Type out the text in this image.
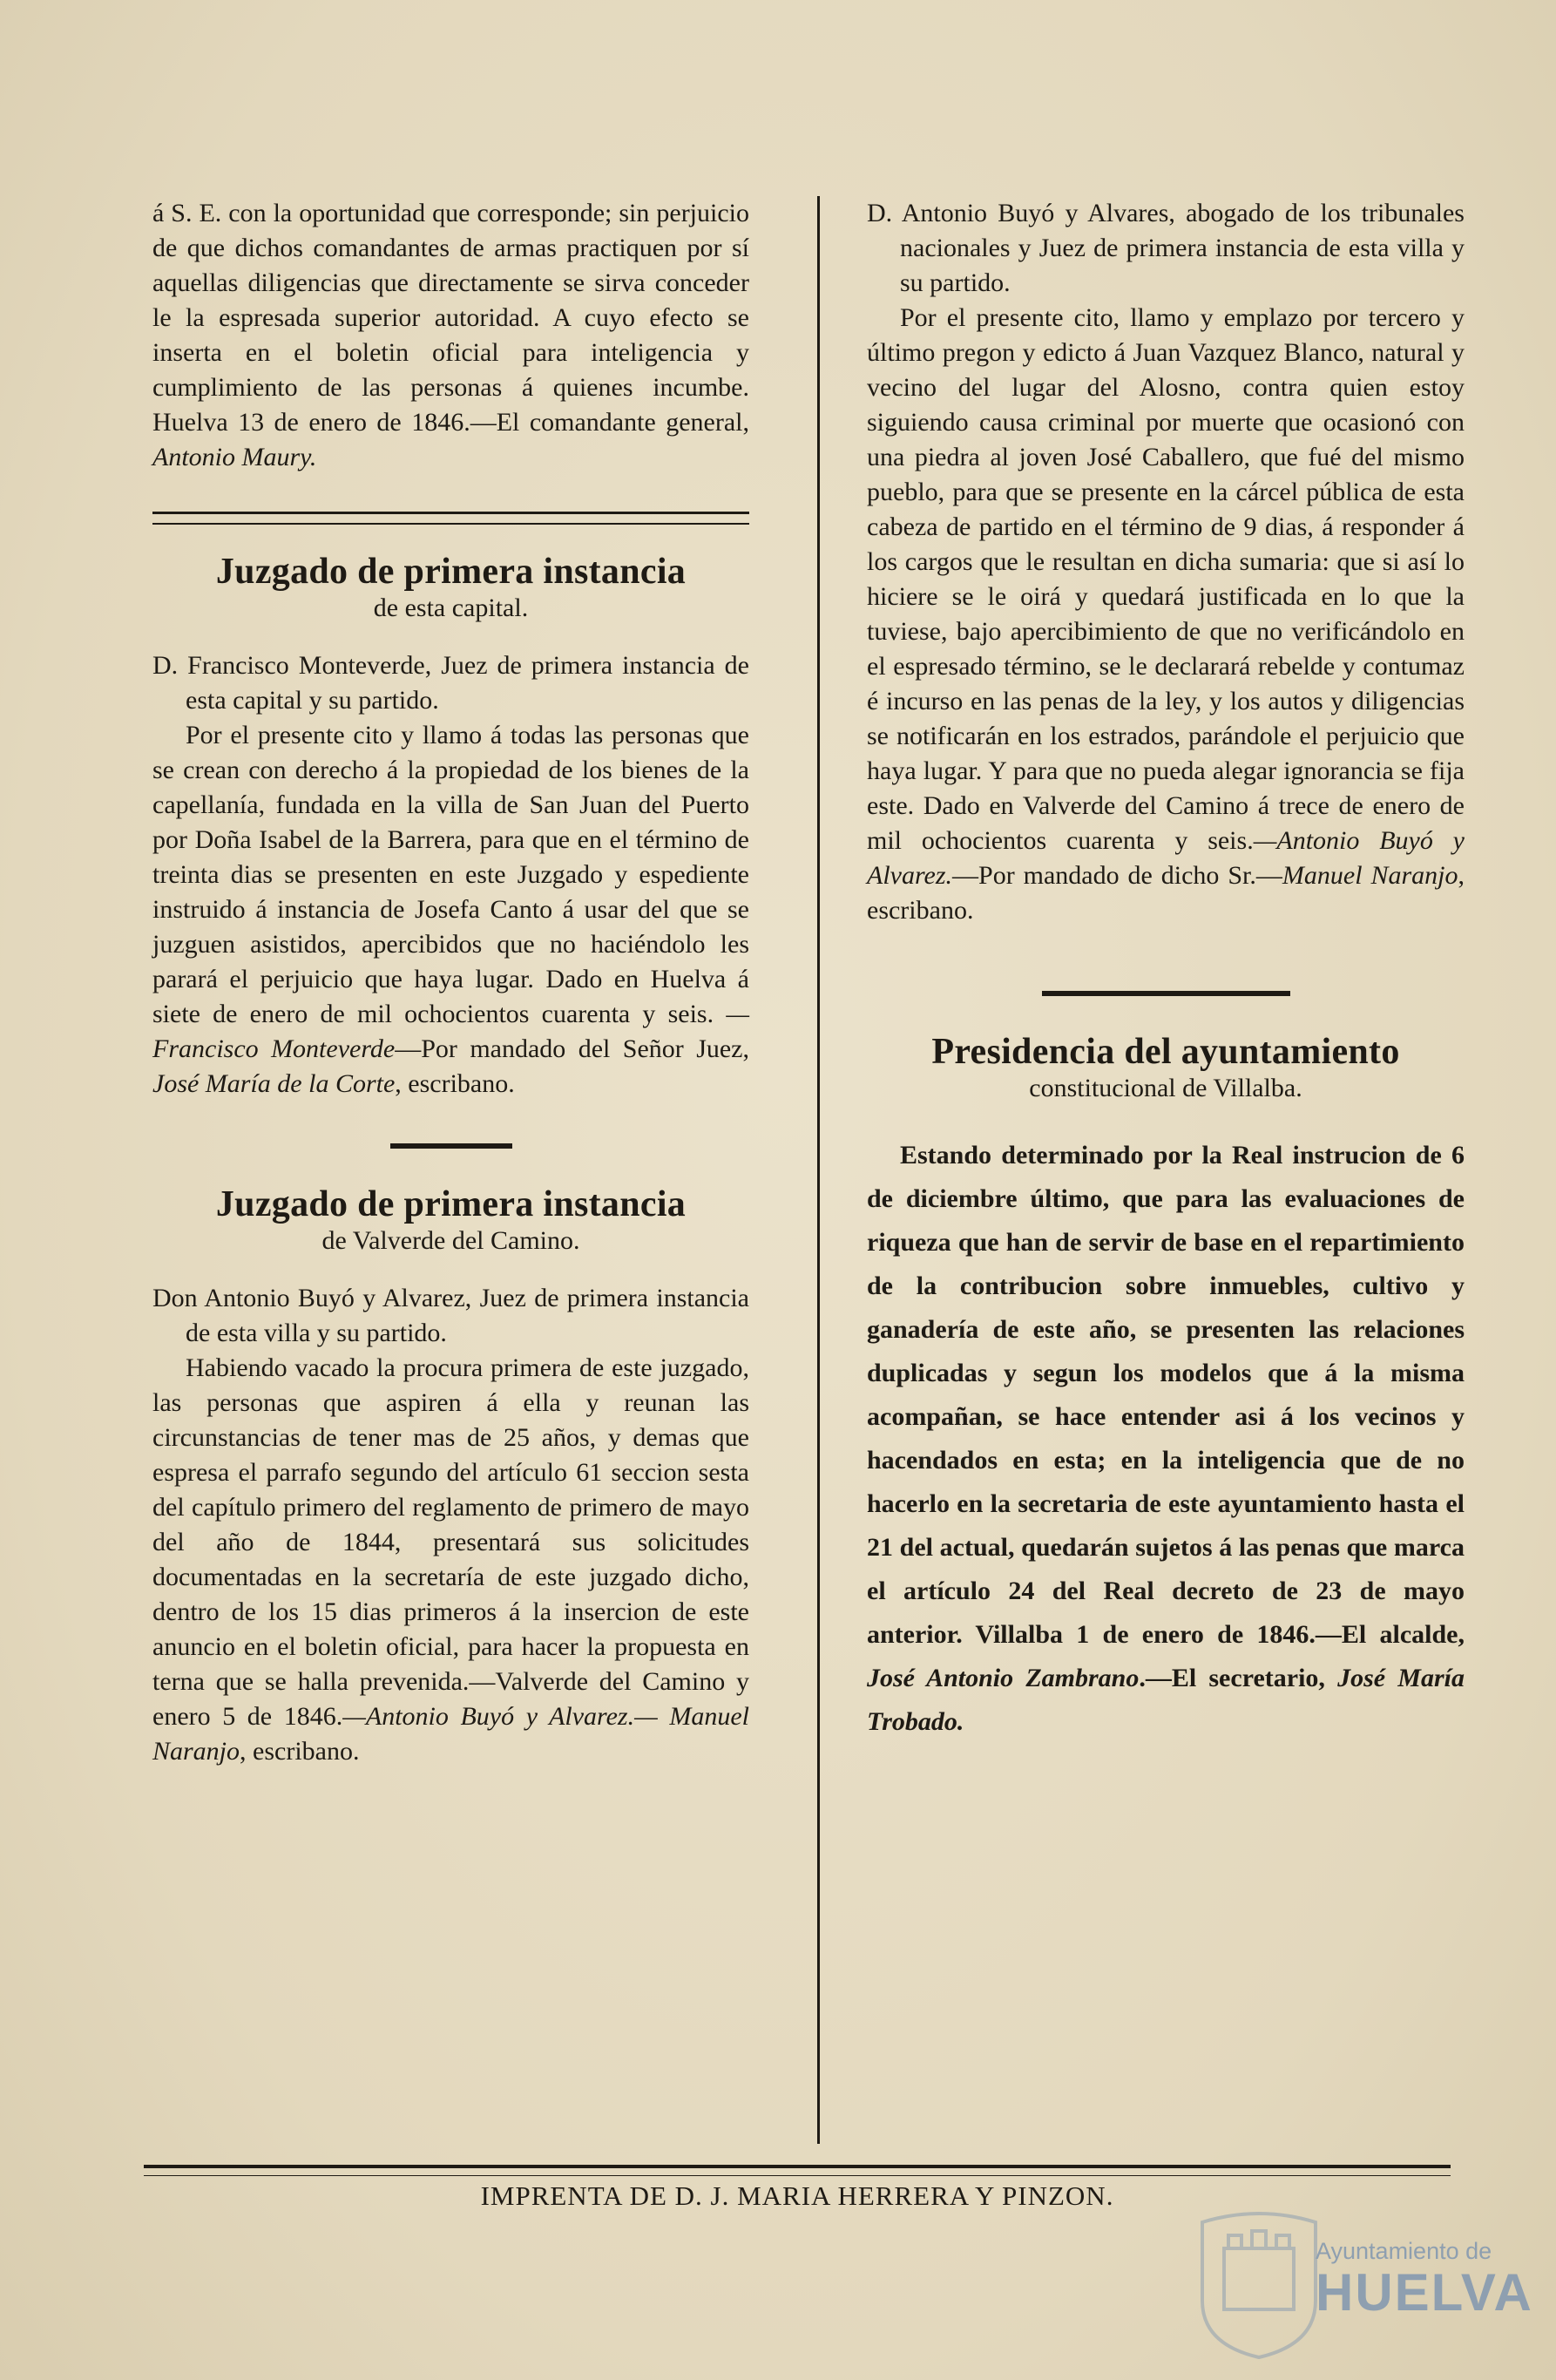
á S. E. con la oportunidad que corresponde; sin perjuicio de que dichos comandantes de armas practiquen por sí aquellas diligencias que directamente se sirva conceder le la espresada superior autoridad. A cuyo efecto se inserta en el boletin oficial para inteligencia y cumplimiento de las personas á quienes incumbe. Huelva 13 de enero de 1846.—El comandante general, Antonio Maury.

Juzgado de primera instancia

de esta capital.

D. Francisco Monteverde, Juez de primera instancia de esta capital y su partido.

Por el presente cito y llamo á todas las personas que se crean con derecho á la propiedad de los bienes de la capellanía, fundada en la villa de San Juan del Puerto por Doña Isabel de la Barrera, para que en el término de treinta dias se presenten en este Juzgado y espediente instruido á instancia de Josefa Canto á usar del que se juzguen asistidos, apercibidos que no haciéndolo les parará el perjuicio que haya lugar. Dado en Huelva á siete de enero de mil ochocientos cuarenta y seis. —Francisco Monteverde—Por mandado del Señor Juez, José María de la Corte, escribano.

Juzgado de primera instancia

de Valverde del Camino.

Don Antonio Buyó y Alvarez, Juez de primera instancia de esta villa y su partido.

Habiendo vacado la procura primera de este juzgado, las personas que aspiren á ella y reunan las circunstancias de tener mas de 25 años, y demas que espresa el parrafo segundo del artículo 61 seccion sesta del capítulo primero del reglamento de primero de mayo del año de 1844, presentará sus solicitudes documentadas en la secretaría de este juzgado dicho, dentro de los 15 dias primeros á la insercion de este anuncio en el boletin oficial, para hacer la propuesta en terna que se halla prevenida.—Valverde del Camino y enero 5 de 1846.—Antonio Buyó y Alvarez.— Manuel Naranjo, escribano.

D. Antonio Buyó y Alvares, abogado de los tribunales nacionales y Juez de primera instancia de esta villa y su partido.

Por el presente cito, llamo y emplazo por tercero y último pregon y edicto á Juan Vazquez Blanco, natural y vecino del lugar del Alosno, contra quien estoy siguiendo causa criminal por muerte que ocasionó con una piedra al joven José Caballero, que fué del mismo pueblo, para que se presente en la cárcel pública de esta cabeza de partido en el término de 9 dias, á responder á los cargos que le resultan en dicha sumaria: que si así lo hiciere se le oirá y quedará justificada en lo que la tuviese, bajo apercibimiento de que no verificándolo en el espresado término, se le declarará rebelde y contumaz é incurso en las penas de la ley, y los autos y diligencias se notificarán en los estrados, parándole el perjuicio que haya lugar. Y para que no pueda alegar ignorancia se fija este. Dado en Valverde del Camino á trece de enero de mil ochocientos cuarenta y seis.—Antonio Buyó y Alvarez.—Por mandado de dicho Sr.—Manuel Naranjo, escribano.

Presidencia del ayuntamiento

constitucional de Villalba.

Estando determinado por la Real instrucion de 6 de diciembre último, que para las evaluaciones de riqueza que han de servir de base en el repartimiento de la contribucion sobre inmuebles, cultivo y ganadería de este año, se presenten las relaciones duplicadas y segun los modelos que á la misma acompañan, se hace entender asi á los vecinos y hacendados en esta; en la inteligencia que de no hacerlo en la secretaria de este ayuntamiento hasta el 21 del actual, quedarán sujetos á las penas que marca el artículo 24 del Real decreto de 23 de mayo anterior. Villalba 1 de enero de 1846.—El alcalde, José Antonio Zambrano.—El secretario, José María Trobado.

IMPRENTA DE D. J. MARIA HERRERA Y PINZON.
Ayuntamiento de
HUELVA
